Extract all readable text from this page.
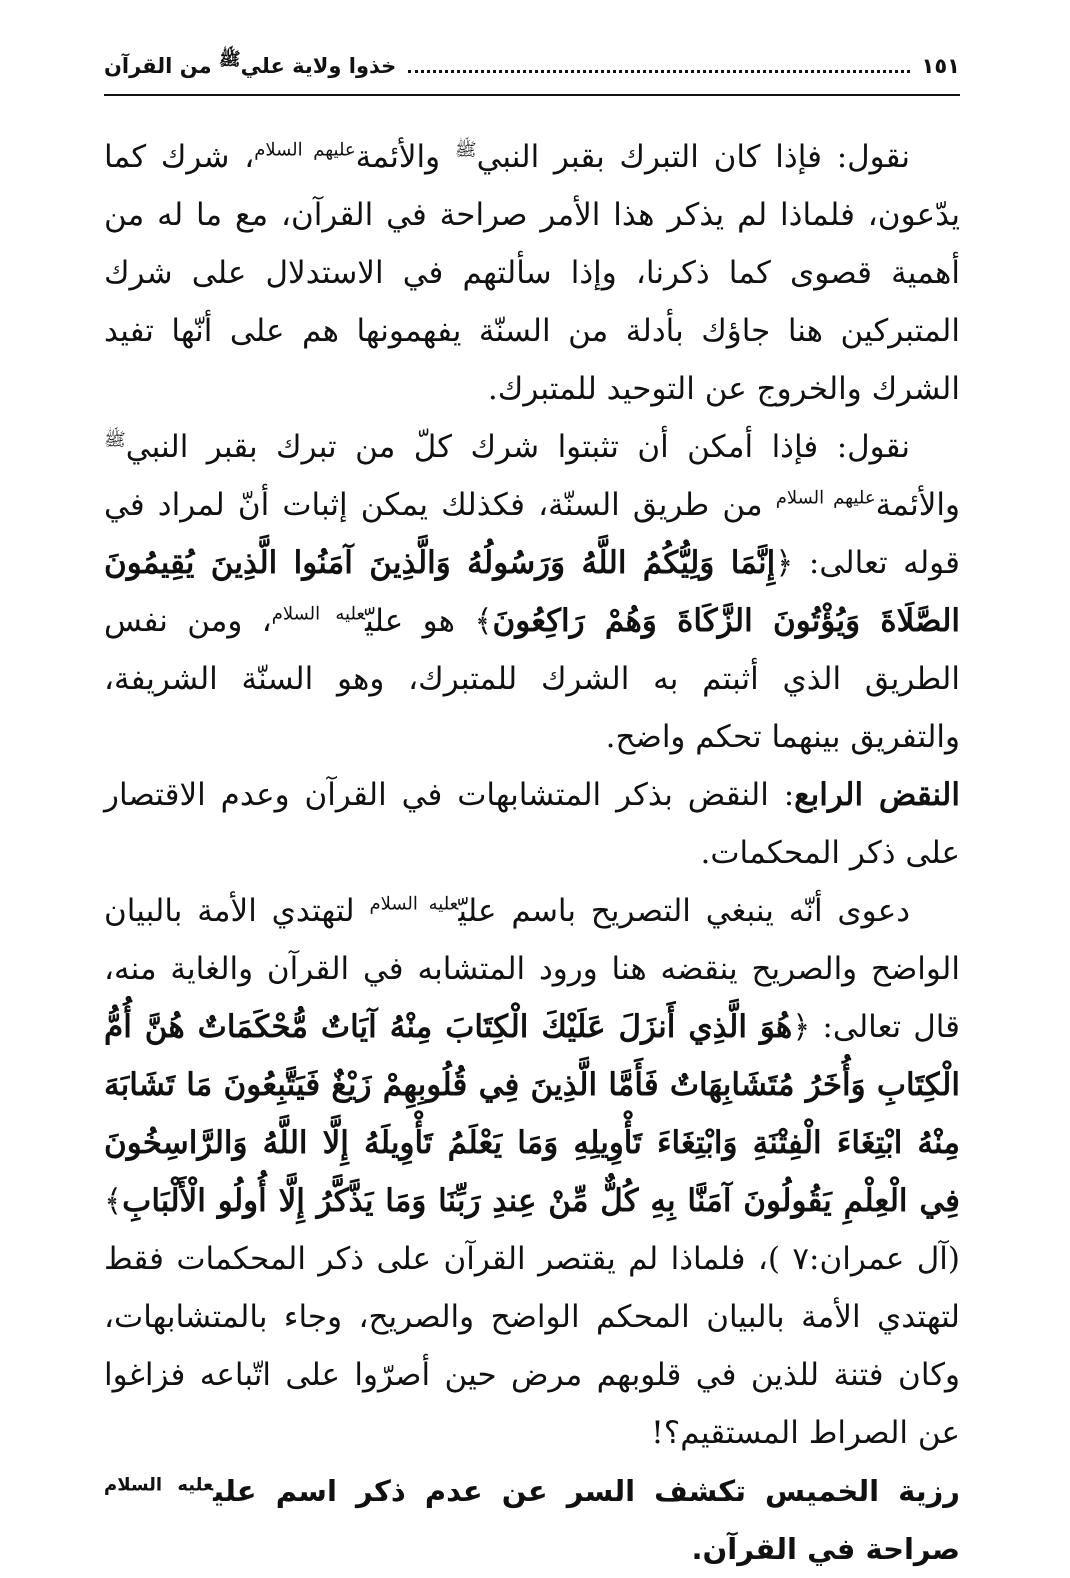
١٥١
خذوا ولاية عليﷺ من القرآن

نقول: فإذا كان التبرك بقبر النبي$^ﷺ$ والأئمة$^{عليهم السلام}$، شرك كما يدّعون، فلماذا لم يذكر هذا الأمر صراحة في القرآن، مع ما له من أهمية قصوى كما ذكرنا، وإذا سألتهم في الاستدلال على شرك المتبركين هنا جاؤك بأدلة من السنّة يفهمونها هم على أنّها تفيد الشرك والخروج عن التوحيد للمتبرك.

نقول: فإذا أمكن أن تثبتوا شرك كلّ من تبرك بقبر النبي$^ﷺ$ والأئمة$^{عليهم السلام}$ من طريق السنّة، فكذلك يمكن إثبات أنّ لمراد في قوله تعالى: ﴿إِنَّمَا وَلِيُّكُمُ اللَّهُ وَرَسُولُهُ وَالَّذِينَ آمَنُوا الَّذِينَ يُقِيمُونَ الصَّلَاةَ وَيُؤْتُونَ الزَّكَاةَ وَهُمْ رَاكِعُونَ﴾ هو عليّ$^{عليه السلام}$، ومن نفس الطريق الذي أثبتم به الشرك للمتبرك، وهو السنّة الشريفة، والتفريق بينهما تحكم واضح.

النقض الرابع: النقض بذكر المتشابهات في القرآن وعدم الاقتصار على ذكر المحكمات.

دعوى أنّه ينبغي التصريح باسم عليّ$^{عليه السلام}$ لتهتدي الأمة بالبيان الواضح والصريح ينقضه هنا ورود المتشابه في القرآن والغاية منه، قال تعالى: ﴿هُوَ الَّذِي أَنزَلَ عَلَيْكَ الْكِتَابَ مِنْهُ آيَاتٌ مُّحْكَمَاتٌ هُنَّ أُمُّ الْكِتَابِ وَأُخَرُ مُتَشَابِهَاتٌ فَأَمَّا الَّذِينَ فِي قُلُوبِهِمْ زَيْغٌ فَيَتَّبِعُونَ مَا تَشَابَهَ مِنْهُ ابْتِغَاءَ الْفِتْنَةِ وَابْتِغَاءَ تَأْوِيلِهِ وَمَا يَعْلَمُ تَأْوِيلَهُ إِلَّا اللَّهُ وَالرَّاسِخُونَ فِي الْعِلْمِ يَقُولُونَ آمَنَّا بِهِ كُلٌّ مِّنْ عِندِ رَبِّنَا وَمَا يَذَّكَّرُ إِلَّا أُولُو الْأَلْبَابِ﴾ (آل عمران:٧ )، فلماذا لم يقتصر القرآن على ذكر المحكمات فقط لتهتدي الأمة بالبيان المحكم الواضح والصريح، وجاء بالمتشابهات، وكان فتنة للذين في قلوبهم مرض حين أصرّوا على اتّباعه فزاغوا عن الصراط المستقيم؟!

رزية الخميس تكشف السر عن عدم ذكر اسم علي$^{عليه السلام}$ صراحة في القرآن.
